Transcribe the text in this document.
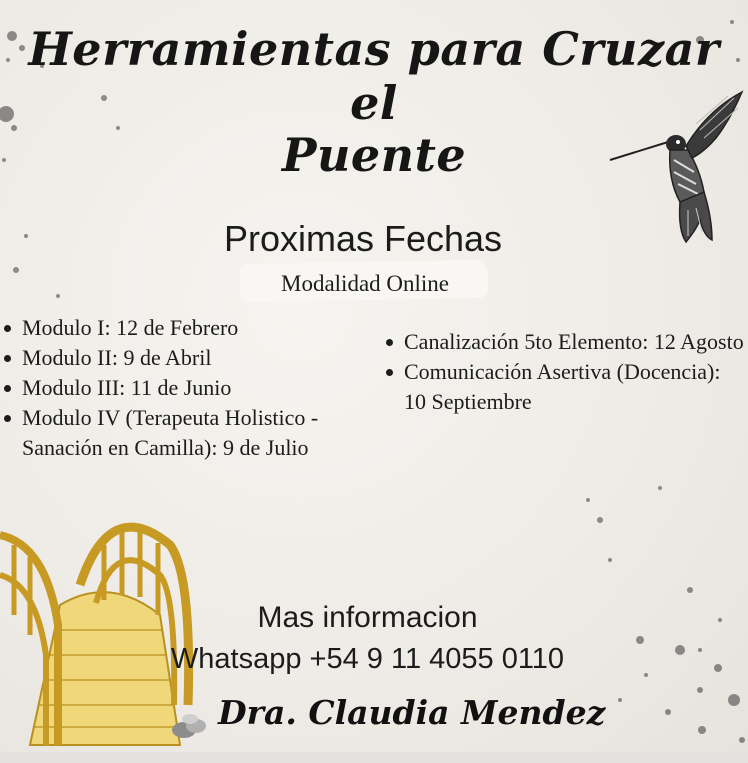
Herramientas para Cruzar el
Puente
Proximas Fechas
Modalidad Online
Modulo I: 12 de Febrero
Modulo II: 9 de Abril
Modulo III: 11 de Junio
Modulo IV (Terapeuta Holistico - Sanación en Camilla): 9 de Julio
Canalización 5to Elemento: 12 Agosto
Comunicación Asertiva (Docencia): 10 Septiembre
Mas informacion
Whatsapp +54 9 11 4055 0110
Dra. Claudia Mendez
